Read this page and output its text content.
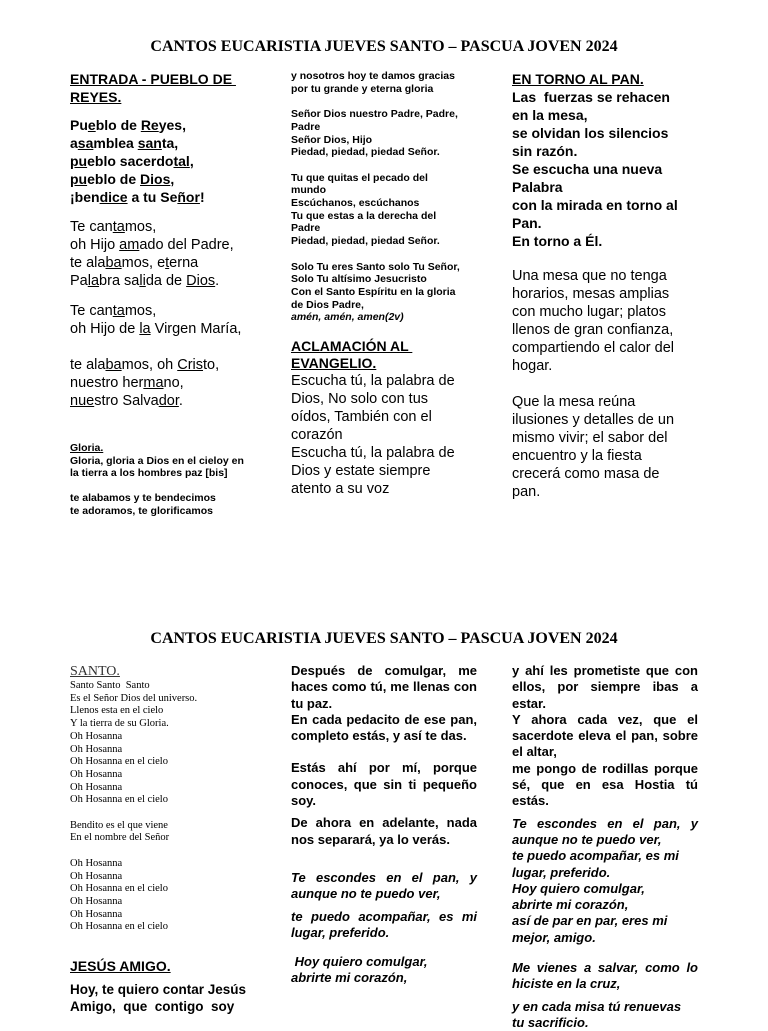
CANTOS EUCARISTIA JUEVES SANTO – PASCUA JOVEN 2024
ENTRADA - PUEBLO DE
REYES.
Pueblo de Reyes,
asamblea santa,
pueblo sacerdotal,
pueblo de Dios,
¡bendice a tu Señor!
Te cantamos,
oh Hijo amado del Padre,
te alabamos, eterna
Palabra salida de Dios.
Te cantamos,
oh Hijo de la Virgen María,
te alabamos, oh Cristo,
nuestro hermano,
nuestro Salvador.
Gloria.
Gloria, gloria a Dios en el cieloy en
la tierra a los hombres paz [bis]

te alabamos y te bendecimos
te adoramos, te glorificamos
y nosotros hoy te damos gracias
por tu grande y eterna gloria

Señor Dios nuestro Padre, Padre,
Padre
Señor Dios, Hijo
Piedad, piedad, piedad Señor.

Tu que quitas el pecado del
mundo
Escúchanos, escúchanos
Tu que estas a la derecha del
Padre
Piedad, piedad, piedad Señor.

Solo Tu eres Santo solo Tu Señor,
Solo Tu altísimo Jesucristo
Con el Santo Espíritu en la gloria
de Dios Padre,
amén, amén, amen(2v)
ACLAMACIÓN AL
EVANGELIO.
Escucha tú, la palabra de
Dios, No solo con tus
oídos, También con el
corazón
Escucha tú, la palabra de
Dios y estate siempre
atento a su voz
EN TORNO AL PAN.
Las  fuerzas se rehacen
en la mesa,
se olvidan los silencios
sin razón.
Se escucha una nueva
Palabra
con la mirada en torno al
Pan.
En torno a Él.
Una mesa que no tenga
horarios, mesas amplias
con mucho lugar; platos
llenos de gran confianza,
compartiendo el calor del
hogar.
Que la mesa reúna
ilusiones y detalles de un
mismo vivir; el sabor del
encuentro y la fiesta
crecerá como masa de
pan.
CANTOS EUCARISTIA JUEVES SANTO – PASCUA JOVEN 2024
SANTO.
Santo Santo  Santo
Es el Señor Dios del universo.
Llenos esta en el cielo
Y la tierra de su Gloria.
Oh Hosanna
Oh Hosanna
Oh Hosanna en el cielo
Oh Hosanna
Oh Hosanna
Oh Hosanna en el cielo

Bendito es el que viene
En el nombre del Señor

Oh Hosanna
Oh Hosanna
Oh Hosanna en el cielo
Oh Hosanna
Oh Hosanna
Oh Hosanna en el cielo
JESÚS AMIGO.
Hoy, te quiero contar Jesús
Amigo,  que  contigo  soy
Después de comulgar, me haces como tú, me llenas con tu paz.
En cada pedacito de ese pan, completo estás, y así te das.
Estás ahí por mí, porque conoces, que sin ti pequeño soy.
De ahora en adelante, nada nos separará, ya lo verás.
Te escondes en el pan, y aunque no te puedo ver,
te puedo acompañar, es mi lugar, preferido.
Hoy quiero comulgar,
abrirte mi corazón,
y ahí les prometiste que con ellos, por siempre ibas a estar.
Y ahora cada vez, que el sacerdote eleva el pan, sobre el altar,
me pongo de rodillas porque sé, que en esa Hostia tú estás.
Te escondes en el pan, y aunque no te puedo ver,
te puedo acompañar, es mi
lugar, preferido.
Hoy quiero comulgar,
abrirte mi corazón,
así de par en par, eres mi
mejor, amigo.
Me vienes a salvar, como lo hiciste en la cruz,
y en cada misa tú renuevas
tu sacrificio.
